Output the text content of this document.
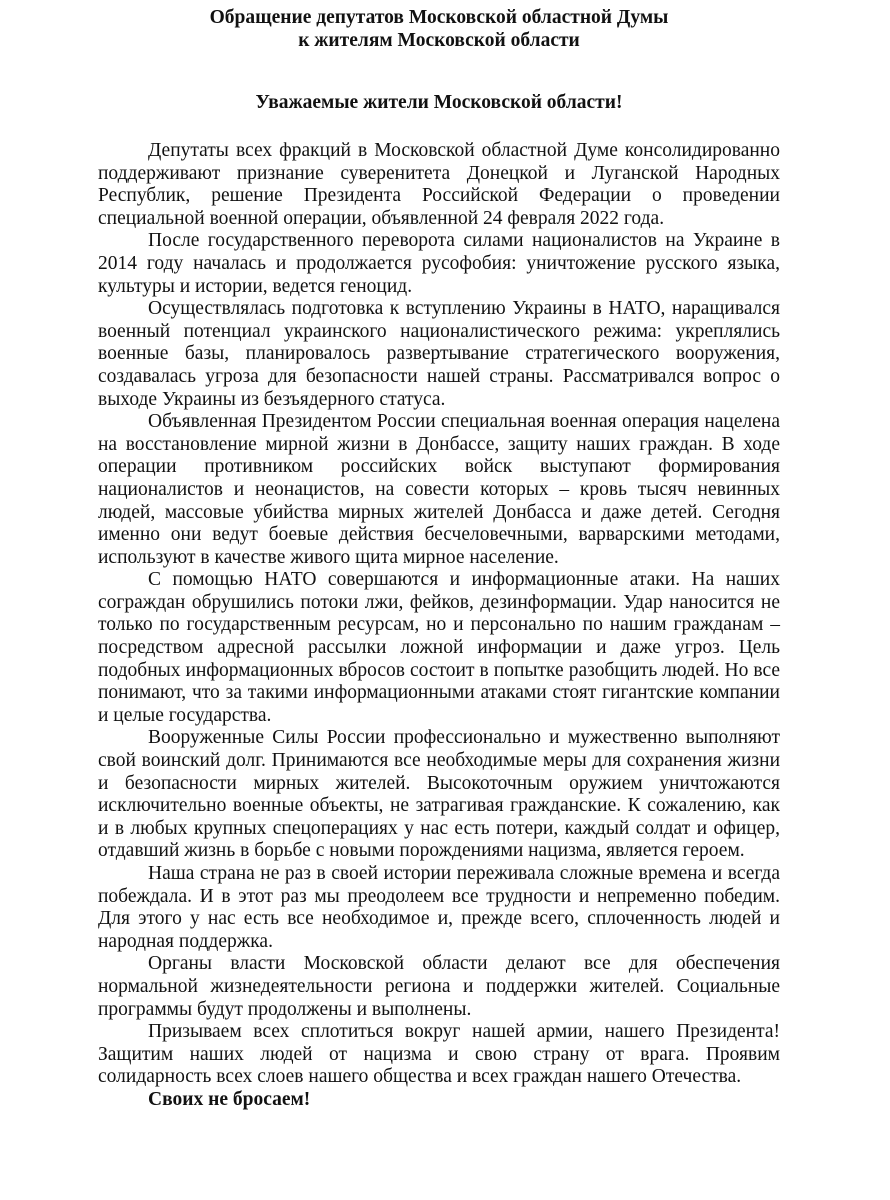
Обращение депутатов Московской областной Думы

к жителям Московской области

Уважаемые жители Московской области!

Депутаты всех фракций в Московской областной Думе консолидированно поддерживают признание суверенитета Донецкой и Луганской Народных Республик, решение Президента Российской Федерации о проведении специальной военной операции, объявленной 24 февраля 2022 года.

После государственного переворота силами националистов на Украине в 2014 году началась и продолжается русофобия: уничтожение русского языка, культуры и истории, ведется геноцид.

Осуществлялась подготовка к вступлению Украины в НАТО, наращивался военный потенциал украинского националистического режима: укреплялись военные базы, планировалось развертывание стратегического вооружения, создавалась угроза для безопасности нашей страны. Рассматривался вопрос о выходе Украины из безъядерного статуса.

Объявленная Президентом России специальная военная операция нацелена на восстановление мирной жизни в Донбассе, защиту наших граждан. В ходе операции противником российских войск выступают формирования националистов и неонацистов, на совести которых – кровь тысяч невинных людей, массовые убийства мирных жителей Донбасса и даже детей. Сегодня именно они ведут боевые действия бесчеловечными, варварскими методами, используют в качестве живого щита мирное население.

С помощью НАТО совершаются и информационные атаки. На наших сограждан обрушились потоки лжи, фейков, дезинформации. Удар наносится не только по государственным ресурсам, но и персонально по нашим гражданам – посредством адресной рассылки ложной информации и даже угроз. Цель подобных информационных вбросов состоит в попытке разобщить людей. Но все понимают, что за такими информационными атаками стоят гигантские компании и целые государства.

Вооруженные Силы России профессионально и мужественно выполняют свой воинский долг. Принимаются все необходимые меры для сохранения жизни и безопасности мирных жителей. Высокоточным оружием уничтожаются исключительно военные объекты, не затрагивая гражданские. К сожалению, как и в любых крупных спецоперациях у нас есть потери, каждый солдат и офицер, отдавший жизнь в борьбе с новыми порождениями нацизма, является героем.

Наша страна не раз в своей истории переживала сложные времена и всегда побеждала. И в этот раз мы преодолеем все трудности и непременно победим. Для этого у нас есть все необходимое и, прежде всего, сплоченность людей и народная поддержка.

Органы власти Московской области делают все для обеспечения нормальной жизнедеятельности региона и поддержки жителей. Социальные программы будут продолжены и выполнены.

Призываем всех сплотиться вокруг нашей армии, нашего Президента! Защитим наших людей от нацизма и свою страну от врага. Проявим солидарность всех слоев нашего общества и всех граждан нашего Отечества.

Своих не бросаем!
